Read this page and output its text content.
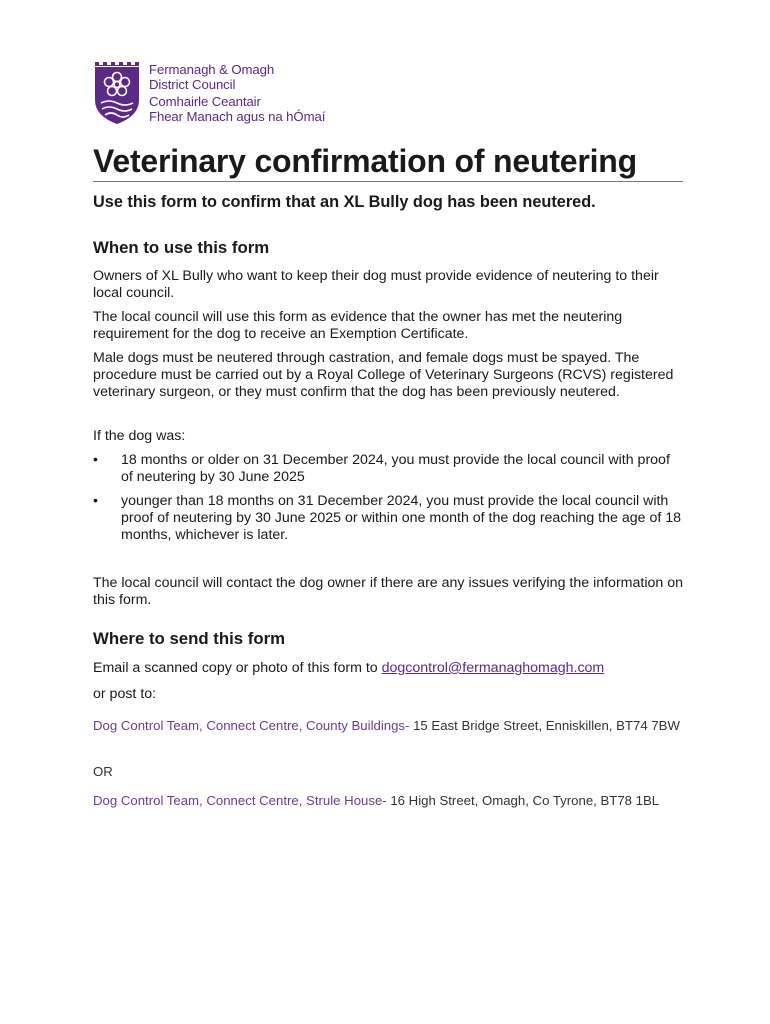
Fermanagh & Omagh
District Council
Comhairle Ceantair
Fhear Manach agus na hÓmaí
Veterinary confirmation of neutering
Use this form to confirm that an XL Bully dog has been neutered.
When to use this form
Owners of XL Bully who want to keep their dog must provide evidence of neutering to their local council.
The local council will use this form as evidence that the owner has met the neutering requirement for the dog to receive an Exemption Certificate.
Male dogs must be neutered through castration, and female dogs must be spayed. The procedure must be carried out by a Royal College of Veterinary Surgeons (RCVS) registered veterinary surgeon, or they must confirm that the dog has been previously neutered.
If the dog was:
• 18 months or older on 31 December 2024, you must provide the local council with proof of neutering by 30 June 2025
• younger than 18 months on 31 December 2024, you must provide the local council with proof of neutering by 30 June 2025 or within one month of the dog reaching the age of 18 months, whichever is later.
The local council will contact the dog owner if there are any issues verifying the information on this form.
Where to send this form
Email a scanned copy or photo of this form to dogcontrol@fermanaghomagh.com
or post to:
Dog Control Team, Connect Centre, County Buildings- 15 East Bridge Street, Enniskillen, BT74 7BW
OR
Dog Control Team, Connect Centre, Strule House- 16 High Street, Omagh, Co Tyrone, BT78 1BL
